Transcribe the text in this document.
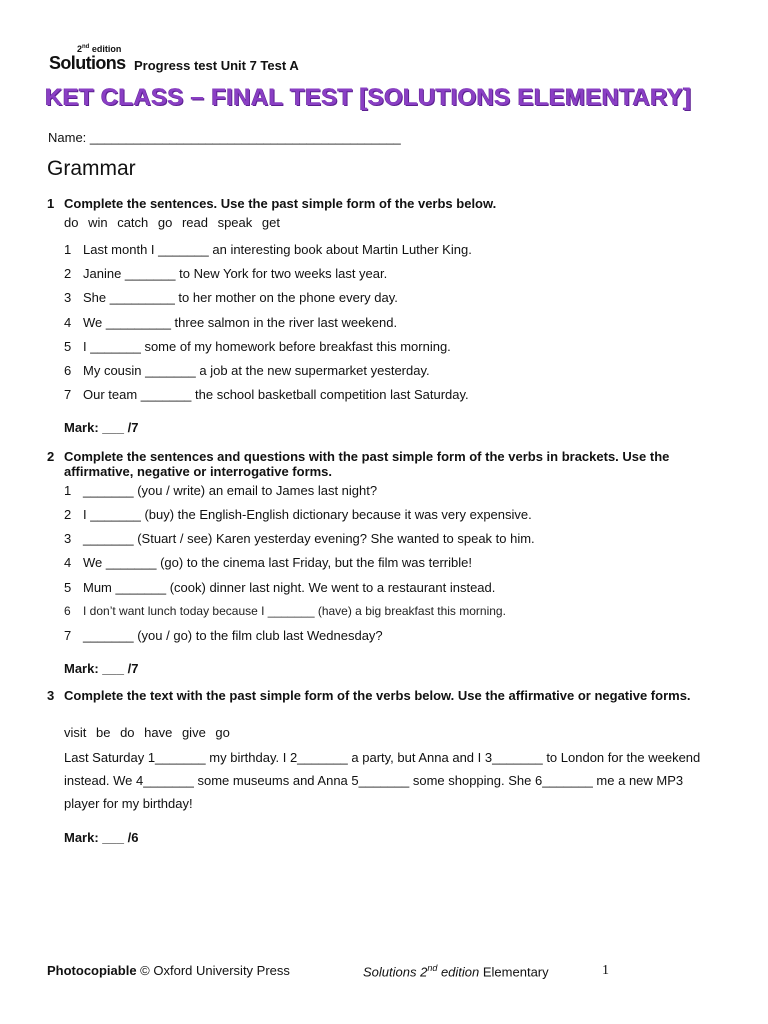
2nd edition
Solutions Progress test Unit 7 Test A
KET CLASS – FINAL TEST [SOLUTIONS ELEMENTARY]
Name: ___________________________________________
Grammar
1 Complete the sentences. Use the past simple form of the verbs below.
do win catch go read speak get
1 Last month I _______ an interesting book about Martin Luther King.
2 Janine _______ to New York for two weeks last year.
3 She _________ to her mother on the phone every day.
4 We _________ three salmon in the river last weekend.
5 I _______ some of my homework before breakfast this morning.
6 My cousin _______ a job at the new supermarket yesterday.
7 Our team _______ the school basketball competition last Saturday.
Mark: ___ /7
2 Complete the sentences and questions with the past simple form of the verbs in brackets. Use the affirmative, negative or interrogative forms.
1 _______ (you / write) an email to James last night?
2 I _______ (buy) the English-English dictionary because it was very expensive.
3 _______ (Stuart / see) Karen yesterday evening? She wanted to speak to him.
4 We _______ (go) to the cinema last Friday, but the film was terrible!
5 Mum _______ (cook) dinner last night. We went to a restaurant instead.
6 I don’t want lunch today because I _______ (have) a big breakfast this morning.
7 _______ (you / go) to the film club last Wednesday?
Mark: ___ /7
3 Complete the text with the past simple form of the verbs below. Use the affirmative or negative forms.
visit be do have give go
Last Saturday 1_______ my birthday. I 2_______ a party, but Anna and I 3_______ to London for the weekend instead. We 4_______ some museums and Anna 5_______ some shopping. She 6_______ me a new MP3 player for my birthday!
Mark: ___ /6
Photocopiable © Oxford University Press	Solutions 2nd edition Elementary	1
